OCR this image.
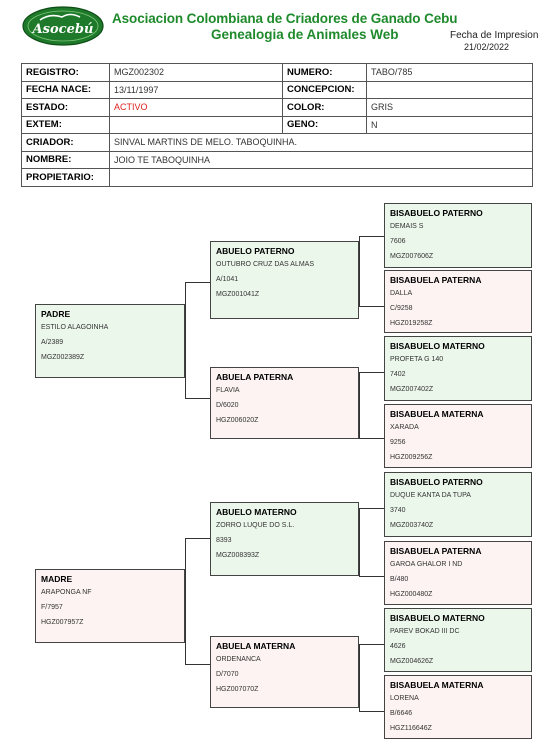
Asocebú
Asociacion Colombiana de Criadores de Ganado Cebu
Genealogia de Animales Web	Fecha de Impresion
21/02/2022
REGISTRO:	MGZ002302	NUMERO:	TABO/785
FECHA NACE:	13/11/1997	CONCEPCION:	
ESTADO:	ACTIVO	COLOR:	GRIS
EXTEM:		GENO:	N
CRIADOR:	SINVAL MARTINS DE MELO. TABOQUINHA.		
NOMBRE:	JOIO TE TABOQUINHA		
PROPIETARIO:			
PADRE
ESTILO ALAGOINHA
A/2389
MGZ002389Z
MADRE
ARAPONGA NF
F/7957
HGZ007957Z
ABUELO PATERNO
OUTUBRO CRUZ DAS ALMAS
A/1041
MGZ001041Z
ABUELA PATERNA
FLAVIA
D/6020
HGZ006020Z
ABUELO MATERNO
ZORRO LUQUE DO S.L.
8393
MGZ008393Z
ABUELA MATERNA
ORDENANCA
D/7070
HGZ007070Z
BISABUELO PATERNO
DEMAIS S
7606
MGZ007606Z
BISABUELA PATERNA
DALLA
C/9258
HGZ019258Z
BISABUELO MATERNO
PROFETA G 140
7402
MGZ007402Z
BISABUELA MATERNA
XARADA
9256
HGZ009256Z
BISABUELO PATERNO
DUQUE KANTA DA TUPA
3740
MGZ003740Z
BISABUELA PATERNA
GAROA GHALOR I ND
B/480
HGZ000480Z
BISABUELO MATERNO
PAREV BOKAD III DC
4626
MGZ004626Z
BISABUELA MATERNA
LORENA
B/6646
HGZ116646Z
